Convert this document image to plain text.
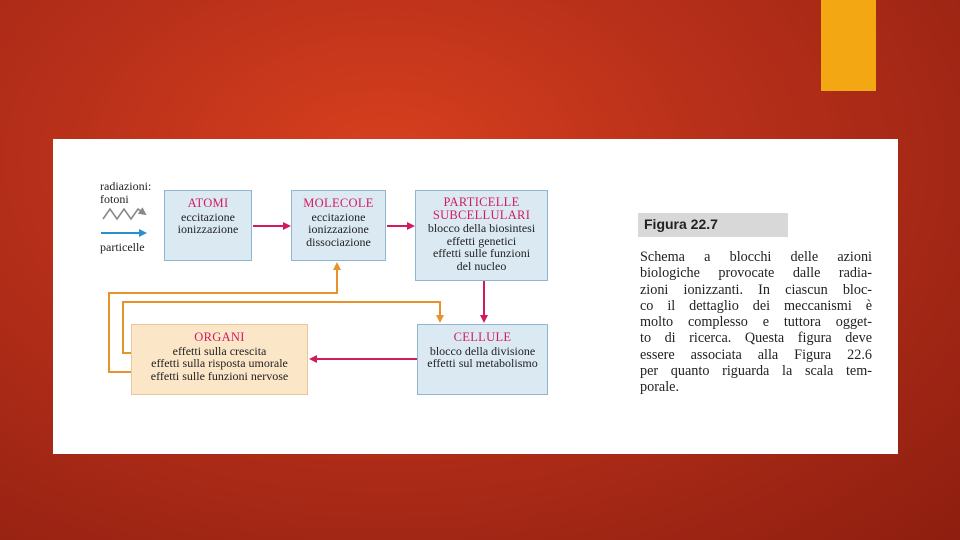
radiazioni:
fotoni
particelle
ATOMI
eccitazione
ionizzazione
MOLECOLE
eccitazione
ionizzazione
dissociazione
PARTICELLE
SUBCELLULARI
blocco della biosintesi
effetti genetici
effetti sulle funzioni
del nucleo
CELLULE
blocco della divisione
effetti sul metabolismo
ORGANI
effetti sulla crescita
effetti sulla risposta umorale
effetti sulle funzioni nervose
Figura 22.7
Schema a blocchi delle azioni
biologiche provocate dalle radia-
zioni ionizzanti. In ciascun bloc-
co il dettaglio dei meccanismi è
molto complesso e tuttora ogget-
to di ricerca. Questa figura deve
essere associata alla Figura 22.6
per quanto riguarda la scala tem-
porale.
